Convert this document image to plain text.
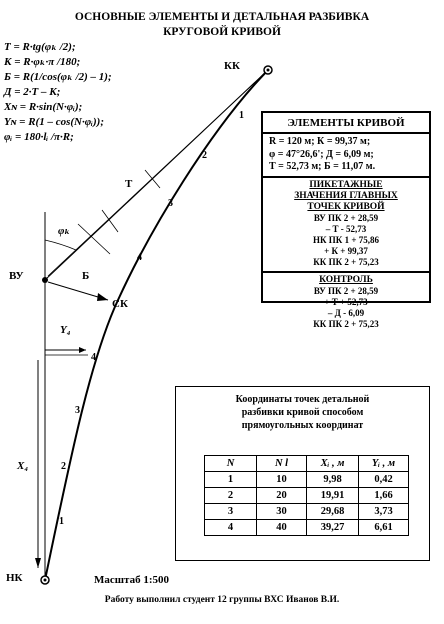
ОСНОВНЫЕ ЭЛЕМЕНТЫ И ДЕТАЛЬНАЯ РАЗБИВКА
КРУГОВОЙ КРИВОЙ
T = R·tg(φₖ /2);
К = R·φₖ·π /180;
Б = R(1/cos(φₖ /2) – 1);
Д = 2·T – К;
Xɴ = R·sin(N·φᵢ);
Yɴ = R(1 – cos(N·φᵢ));
φᵢ = 180·lᵢ /π·R;
КК
НК
ВУ
СК
Т
Б
φₖ
Y₄
X₄
1
2
3
4
1
2
3
4
ЭЛЕМЕНТЫ КРИВОЙ
R = 120 м; К = 99,37 м;
φ = 47°26,6'; Д = 6,09 м;
Т = 52,73 м; Б = 11,07 м.
ПИКЕТАЖНЫЕ
ЗНАЧЕНИЯ ГЛАВНЫХ
ТОЧЕК КРИВОЙ
ВУ ПК 2 + 28,59
– Т - 52,73
НК ПК 1 + 75,86
+ К + 99,37
КК ПК 2 + 75,23
КОНТРОЛЬ
ВУ ПК 2 + 28,59
+ Т + 52,73
– Д - 6,09
КК ПК 2 + 75,23
Координаты точек детальной
разбивки кривой способом
прямоугольных координат
N	N l	Xᵢ , м	Yᵢ , м
1	10	9,98	0,42
2	20	19,91	1,66
3	30	29,68	3,73
4	40	39,27	6,61
Масштаб 1:500
Работу выполнил студент 12 группы ВХС Иванов В.И.
